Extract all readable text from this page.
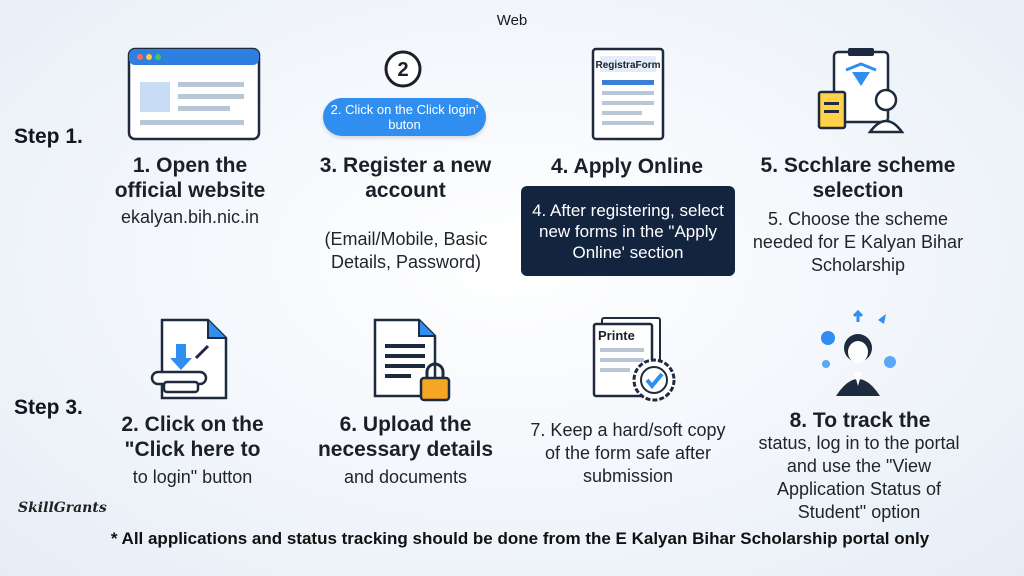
Web
Step 1.
Step 3.
2
2. Click on the Click login' buton
RegistraForm
1. Open the official website
ekalyan.bih.nic.in
3. Register a new account
(Email/Mobile, Basic Details, Password)
4. Apply Online
4. After registering, select new forms in the "Apply Online' section
5. Scchlare scheme selection
5. Choose the scheme needed for E Kalyan Bihar Scholarship
Printe
2. Click on the "Click here to
to login" button
6. Upload the necessary details
and documents
7. Keep a hard/soft copy of the form safe after submission
8. To track the
status, log in to the portal and use the "View Application Status of Student" option
SkillGrants
* All applications and status tracking should be done from the E Kalyan Bihar Scholarship portal only
